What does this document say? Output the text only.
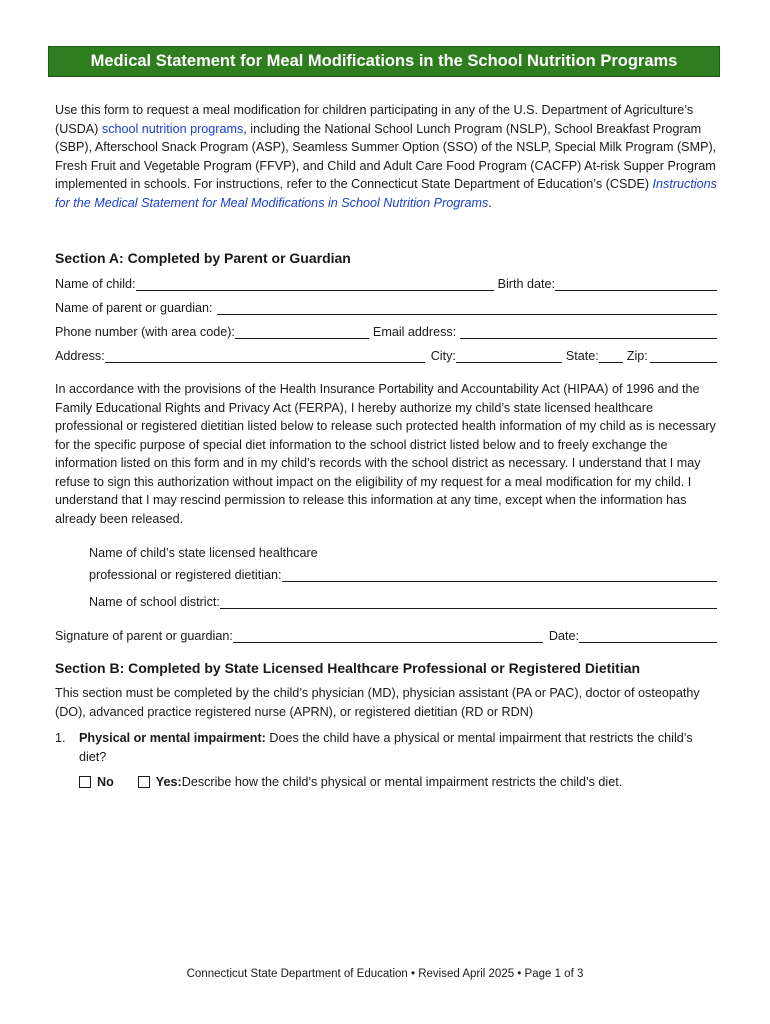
Medical Statement for Meal Modifications in the School Nutrition Programs
Use this form to request a meal modification for children participating in any of the U.S. Department of Agriculture’s (USDA) school nutrition programs, including the National School Lunch Program (NSLP), School Breakfast Program (SBP), Afterschool Snack Program (ASP), Seamless Summer Option (SSO) of the NSLP, Special Milk Program (SMP), Fresh Fruit and Vegetable Program (FFVP), and Child and Adult Care Food Program (CACFP) At-risk Supper Program implemented in schools. For instructions, refer to the Connecticut State Department of Education’s (CSDE) Instructions for the Medical Statement for Meal Modifications in School Nutrition Programs.
Section A: Completed by Parent or Guardian
Name of child:	Birth date:
Name of parent or guardian:
Phone number (with area code):	Email address:
Address:	City:	State: Zip:
In accordance with the provisions of the Health Insurance Portability and Accountability Act (HIPAA) of 1996 and the Family Educational Rights and Privacy Act (FERPA), I hereby authorize my child’s state licensed healthcare professional or registered dietitian listed below to release such protected health information of my child as is necessary for the specific purpose of special diet information to the school district listed below and to freely exchange the information listed on this form and in my child’s records with the school district as necessary. I understand that I may refuse to sign this authorization without impact on the eligibility of my request for a meal modification for my child. I understand that I may rescind permission to release this information at any time, except when the information has already been released.
Name of child’s state licensed healthcare
professional or registered dietitian:
Name of school district:
Signature of parent or guardian:	Date:
Section B: Completed by State Licensed Healthcare Professional or Registered Dietitian
This section must be completed by the child’s physician (MD), physician assistant (PA or PAC), doctor of osteopathy (DO), advanced practice registered nurse (APRN), or registered dietitian (RD or RDN)
1. Physical or mental impairment: Does the child have a physical or mental impairment that restricts the child’s diet?
No	Yes: Describe how the child’s physical or mental impairment restricts the child’s diet.
Connecticut State Department of Education • Revised April 2025 • Page 1 of 3
